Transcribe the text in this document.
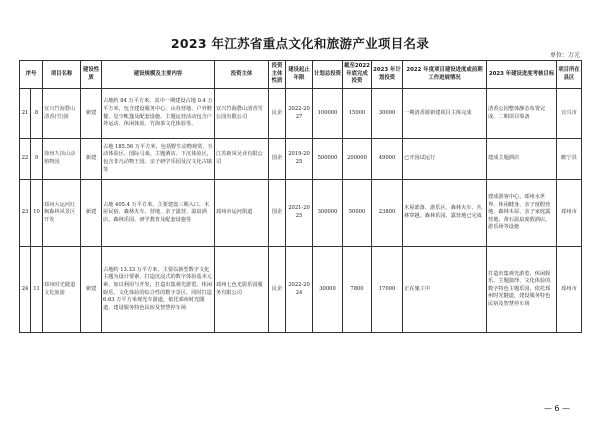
2023 年江苏省重点文化和旅游产业项目名录
单位：万元
序号		项目名称	建设性质	建设规模及主要内容	投资主体	投资主体性质	建设起止年限	计划总投资	截至2022年底完成投资	2023 年计划投资	2022 年度项目建设进度或前期工作进展情况	2023 年建设进度考核目标	项目所在县区
21	8	宜兴竹海磬山清香(雪)游	新建	占地约 84 万平方米。其中一期建设占地 0.4 万平方米，包含建设服务中心、山谷营地、户外野餐、星空帐篷及配套设施，主题运营活动包含户外运动、休闲体验、竹海茶文化体验等。	宜兴竹海磬山清香雪公园有限公司	民企	2022-2027	100000	15000	30000	一期清香游新建项目主体完成	清香公园整体静态布置完成，二期项目筹备	宜兴市
22	9	徐州九顶山动植物园	新建	占地 185.56 万平方米，包括野生动物观赏、互动体验区、国际马戏、主题酒店、下沉体验区，包含非凡动物王国、亲子研学乐园及汉文化古镇等	江苏新凤吴业有限公司	国企	2019-2025	500000	200000	49000	已开园试运行	建成主题酒店	睢宁县
23	10	邳州大运河红枫森林风景区开发	新建	占地 405.4 万平方米，主要建设三期入口，木屋民宿、森林火车、营地、亲子露营、温泉酒店、森林乐园、研学教育及配套设施等	邳州市运河街道	国企	2021-2025	300000	50000	23800	木屋部落、游乐区、森林火车、丛林穿越、森林乐园、露营地已完成	建成游客中心、邳州水世界、休闲健身、亲子度假营地、森林木屋、亲子家庭露营地、黄石温泉度假酒店、游乐场等设施	邳州市
24	11	邳州时光隧道文化旅游	新建	占地约 13.33 万平方米，主要以新型数字文化主题为设计要素，打造沉浸式的数字体验基本元素，加以利用与开发，打造出集观光游览、休闲娱乐、文化体验的综合性的数字景区，同时打造 6.63 万平方米观光车游道，依托邳州时光隧道，建设服务特色民宿及智慧停车场	邳州七色光影乐园服务有限公司	民企	2022-2024	30000	7800	17000	正在施工中	打造出集观光游览、休闲娱乐、主题演绎、文化体验的数字特色主题乐园，依托邳州时光隧道，建设服务特色民宿及智慧停车场	邳州市
— 6 —
